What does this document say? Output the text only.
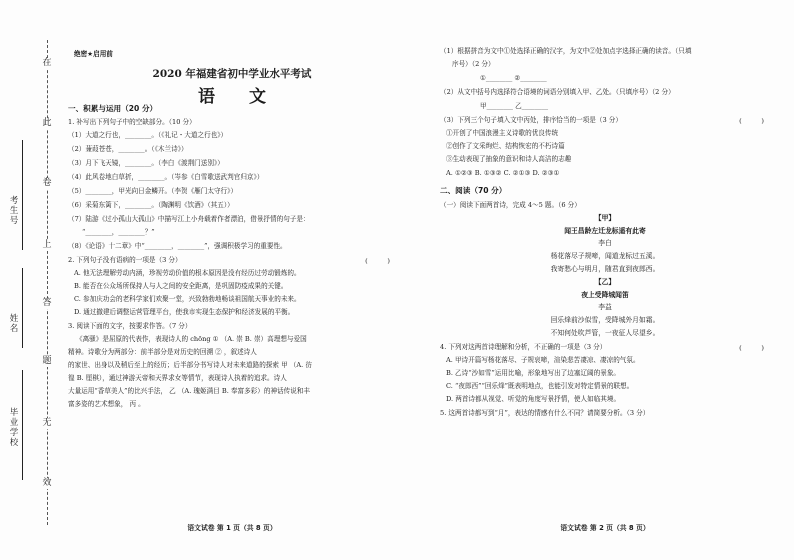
在
此
卷
上
答
题
无
效
考生号
姓名
毕业学校
绝密★启用前
2020 年福建省初中学业水平考试
语 文
一、积累与运用（20 分）
1. 补写出下列句子中的空缺部分。（10 分）
（1）大道之行也，________。（《礼记・大道之行也》）
（2）蒹葭苍苍，________。（《木兰诗》）
（3）月下飞天镜，________。（李白《渡荆门送别》）
（4）此风卷地白草折，________。（岑参《白雪歌送武判官归京》）
（5）________，甲光向日金鳞开。（李贺《雁门太守行》）
（6）采菊东篱下，________。（陶渊明《饮酒》（其五））
（7）陆游《过小孤山大孤山》中描写江上小舟载着作者漂泊，借景抒情的句子是：
“________，________？”
（8）《论语》十二章》中“________，________”，强调积极学习的重要性。
2. 下列句子没有语病的一项是（3 分）	(　　　)
A. 他无法理解劳动内涵，珍视劳动价值的根本原因是没有经历过劳动锻炼的。
B. 能否在公众场所保持人与人之间的安全距离，是巩固防疫成果的关键。
C. 参加庆功会的老科学家们欢聚一堂，兴致勃勃地畅谈祖国航天事业的未来。
D. 通过撤建后调整运营管理平台，使我市实现生态保护和经济发展的平衡。
3. 阅读下面的文字，按要求作答。（7 分）
《离骚》是屈原的代表作，表现诗人的 chōng ① （A. 崇 B. 崇）高理想与爱国
精神。诗歌分为两部分：前半部分是对历史的回溯 ② ，叙述诗人
的家世、出身以及稍后至上的经历；后半部分书写诗人对未来道路的探索 甲 （A. 彷
徨 B. 厘棋），通过神游天帝和天界求女等情节，表现诗人执着的追求。诗人
大量运用“香草美人”的比兴手法， 乙 （A. 瑰姬满目 B. 奉富多彩）的神话传说和丰
富多姿的艺术想象， 丙 。
语文试卷 第 1 页（共 8 页）
（1）根据拼音为文中①处选择正确的汉字，为文中②处加点字选择正确的读音。（只填
序号）（2 分）
①________ ②________
（2）从文中括号内选择符合语境的词语分别填入甲、乙处。（只填序号）（2 分）
甲________ 乙________
（3）下列三个句子填入文中丙处，排序恰当的一项是（3 分）	(　　　)
①开创了中国浪漫主义诗歌的优良传统
②创作了文采绚烂、结构恢宏的不朽诗篇
③生动表现了抽象的意识和诗人高洁的志趣
A. ①②③ B. ①③② C. ②①③ D. ②③①
二、阅读（70 分）
（一）阅读下面两首诗，完成 4～5 题。（6 分）
【甲】
闻王昌龄左迁龙标遥有此寄
李白
杨花落尽子规啼，闻道龙标过五溪。
我寄愁心与明月，随君直到夜郎西。
【乙】
夜上受降城闻笛
李益
回乐烽前沙似雪，受降城外月如霜。
不知何处吹芦管，一夜征人尽望乡。
4. 下列对这两首诗理解和分析，不正确的一项是（3 分）	(　　　)
A. 甲诗开篇写杨花落尽、子规哀啼，渲染悲苦凄凉、凄凉的气氛。
B. 乙诗“沙如雪”运用比喻，形象地写出了边塞辽阔的景象。
C. “夜郎西”“回乐烽”既表明地点，也能引发对特定情景的联想。
D. 两首诗都从视觉、听觉的角度写景抒情，使人如临其境。
5. 这两首诗都写到“月”，表达的情感有什么不同？请简要分析。（3 分）
语文试卷 第 2 页（共 8 页）
